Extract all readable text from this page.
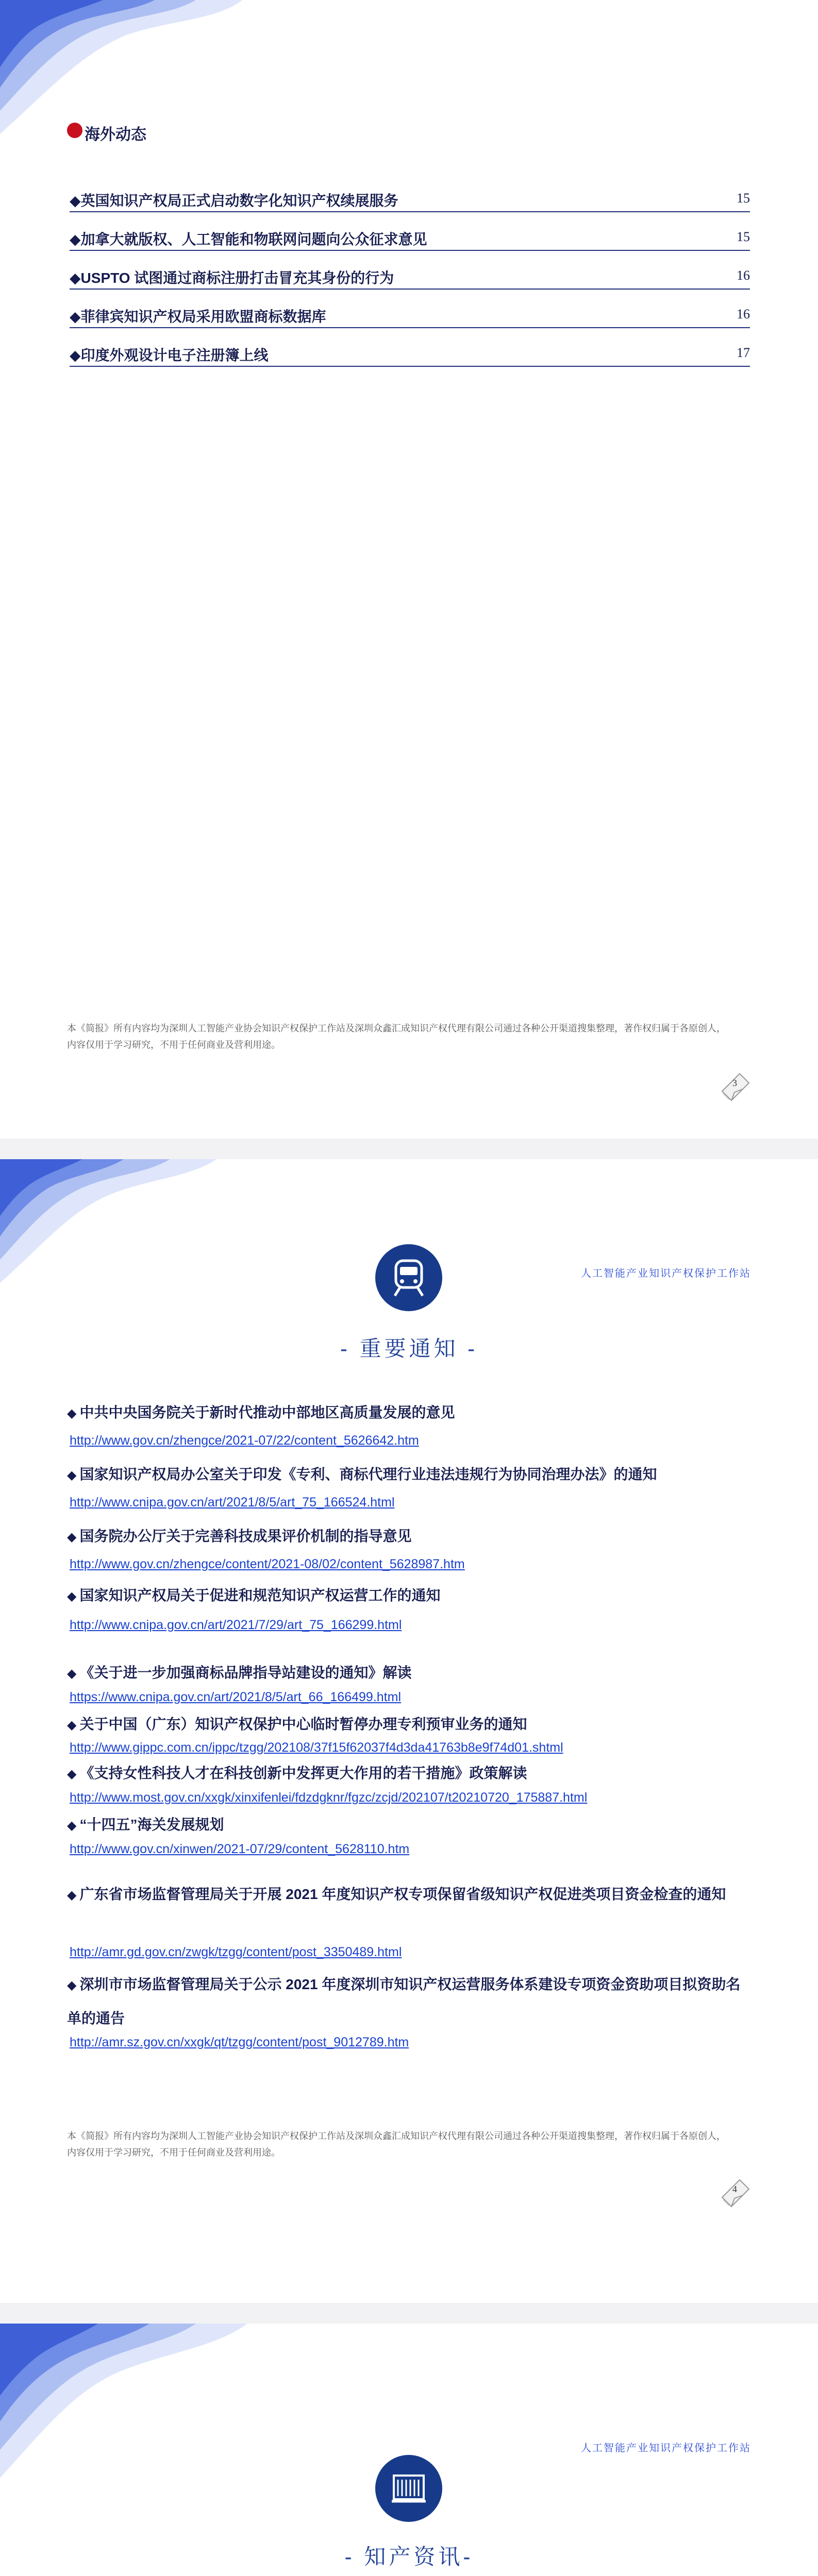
海外动态
◆英国知识产权局正式启动数字化知识产权续展服务	15
◆加拿大就版权、人工智能和物联网问题向公众征求意见	15
◆USPTO 试图通过商标注册打击冒充其身份的行为	16
◆菲律宾知识产权局采用欧盟商标数据库	16
◆印度外观设计电子注册簿上线	17
本《简报》所有内容均为深圳人工智能产业协会知识产权保护工作站及深圳众鑫汇成知识产权代理有限公司通过各种公开渠道搜集整理，著作权归属于各原创人， 内容仅用于学习研究，不用于任何商业及营利用途。
3
人工智能产业知识产权保护工作站
- 重要通知 -
◆ 中共中央国务院关于新时代推动中部地区高质量发展的意见
http://www.gov.cn/zhengce/2021-07/22/content_5626642.htm
◆ 国家知识产权局办公室关于印发《专利、商标代理行业违法违规行为协同治理办法》的通知
http://www.cnipa.gov.cn/art/2021/8/5/art_75_166524.html
◆ 国务院办公厅关于完善科技成果评价机制的指导意见
http://www.gov.cn/zhengce/content/2021-08/02/content_5628987.htm
◆ 国家知识产权局关于促进和规范知识产权运营工作的通知
http://www.cnipa.gov.cn/art/2021/7/29/art_75_166299.html
◆ 《关于进一步加强商标品牌指导站建设的通知》解读
https://www.cnipa.gov.cn/art/2021/8/5/art_66_166499.html
◆ 关于中国（广东）知识产权保护中心临时暂停办理专利预审业务的通知
http://www.gippc.com.cn/ippc/tzgg/202108/37f15f62037f4d3da41763b8e9f74d01.shtml
◆ 《支持女性科技人才在科技创新中发挥更大作用的若干措施》政策解读
http://www.most.gov.cn/xxgk/xinxifenlei/fdzdgknr/fgzc/zcjd/202107/t20210720_175887.html
◆ “十四五”海关发展规划
http://www.gov.cn/xinwen/2021-07/29/content_5628110.htm
◆ 广东省市场监督管理局关于开展 2021 年度知识产权专项保留省级知识产权促进类项目资金检查的通知
http://amr.gd.gov.cn/zwgk/tzgg/content/post_3350489.html
◆ 深圳市市场监督管理局关于公示 2021 年度深圳市知识产权运营服务体系建设专项资金资助项目拟资助名单的通告
http://amr.sz.gov.cn/xxgk/qt/tzgg/content/post_9012789.htm
本《简报》所有内容均为深圳人工智能产业协会知识产权保护工作站及深圳众鑫汇成知识产权代理有限公司通过各种公开渠道搜集整理，著作权归属于各原创人， 内容仅用于学习研究，不用于任何商业及营利用途。
4
人工智能产业知识产权保护工作站
- 知产资讯-
